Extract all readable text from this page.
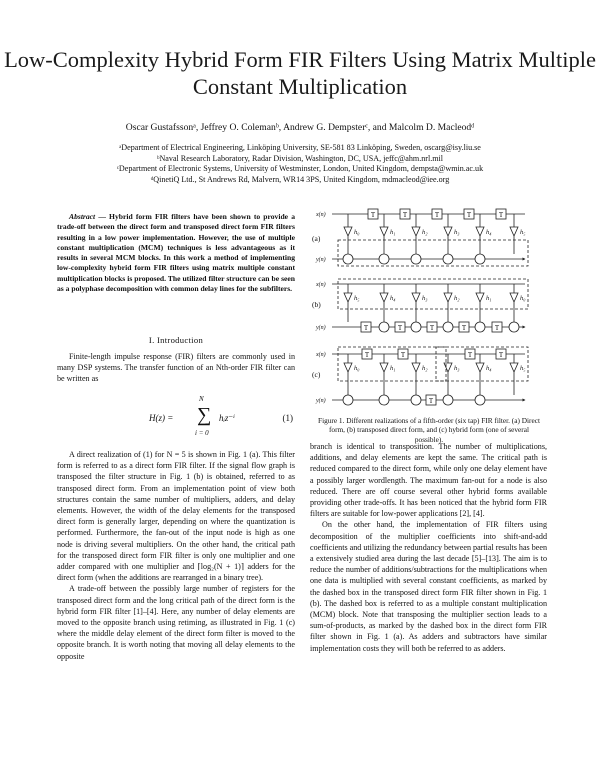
Low-Complexity Hybrid Form FIR Filters Using Matrix Multiple Constant Multiplication
Oscar Gustafssonᵃ, Jeffrey O. Colemanᵇ, Andrew G. Dempsterᶜ, and Malcolm D. Macleodᵈ
ᵃDepartment of Electrical Engineering, Linköping University, SE-581 83 Linköping, Sweden, oscarg@isy.liu.se
ᵇNaval Research Laboratory, Radar Division, Washington, DC, USA, jeffc@ahm.nrl.mil
ᶜDepartment of Electronic Systems, University of Westminster, London, United Kingdom, dempsta@wmin.ac.uk
ᵈQinetiQ Ltd., St Andrews Rd, Malvern, WR14 3PS, United Kingdom, mdmacleod@iee.org

Abstract — Hybrid form FIR filters have been shown to provide a trade-off between the direct form and transposed direct form FIR filters resulting in a low power implementation. However, the use of multiple constant multiplication (MCM) techniques is less advantageous as it results in several MCM blocks. In this work a method of implementing low-complexity hybrid form FIR filters using matrix multiple constant multiplication blocks is proposed. The utilized filter structure can be seen as a polyphase decomposition with common delay lines for the subfilters.

I. Introduction

Finite-length impulse response (FIR) filters are commonly used in many DSP systems. The transfer function of an Nth-order FIR filter can be written as

H(z) =
N
∑
i = 0
hᵢz⁻ⁱ	(1)

A direct realization of (1) for N = 5 is shown in Fig. 1 (a). This filter form is referred to as a direct form FIR filter. If the signal flow graph is transposed the filter structure in Fig. 1 (b) is obtained, referred to as transposed direct form. From an implementation point of view both structures contain the same number of multipliers, adders, and delay elements. However, the width of the delay elements for the transposed direct form is generally larger, depending on where the quantization is performed. Furthermore, the fan-out of the input node is high as one node is driving several multipliers. On the other hand, the critical path for the transposed direct form FIR filter is only one multiplier and one adder compared with one multiplier and ⌈log₂(N + 1)⌉ adders for the direct form (when the additions are rearranged in a binary tree).

A trade-off between the possibly large number of registers for the transposed direct form and the long critical path of the direct form is the hybrid form FIR filter [1]–[4]. Here, any number of delay elements are moved to the opposite branch using retiming, as illustrated in Fig. 1 (c) where the middle delay element of the direct form filter is moved to the opposite branch. It is worth noting that moving all delay elements to the opposite

T	T	T	T	T
T	T	T	T	T
T	T	T	T
T
h₀	h₁	h₂	h₃	h₄	h₅
h₅	h₄	h₃	h₂	h₁	h₀
h₀	h₁	h₂	h₃	h₄	h₅
x(n)
y(n)
x(n)
y(n)
x(n)
y(n)
(a)
(b)
(c)
Figure 1. Different realizations of a fifth-order (six tap) FIR filter. (a) Direct form, (b) transposed direct form, and (c) hybrid form (one of several possible).

branch is identical to transposition. The number of multiplications, additions, and delay elements are kept the same. The critical path is reduced compared to the direct form, while only one delay element have a possibly larger wordlength. The maximum fan-out for a node is also reduced. There are off course several other hybrid forms available providing other trade-offs. It has been noticed that the hybrid form FIR filters are suitable for low-power applications [2], [4].

On the other hand, the implementation of FIR filters using decomposition of the multiplier coefficients into shift-and-add coefficients and utilizing the redundancy between partial results has been a extensively studied area during the last decade [5]–[13]. The aim is to reduce the number of additions/subtractions for the multiplications when one data is multiplied with several constant coefficients, as marked by the dashed box in the transposed direct form FIR filter shown in Fig. 1 (b). The dashed box is referred to as a multiple constant multiplication (MCM) block. Note that transposing the multiplier section leads to a sum-of-products, as marked by the dashed box in the direct form FIR filter shown in Fig. 1 (a). As adders and subtractors have similar implementation costs they will both be referred to as adders.
